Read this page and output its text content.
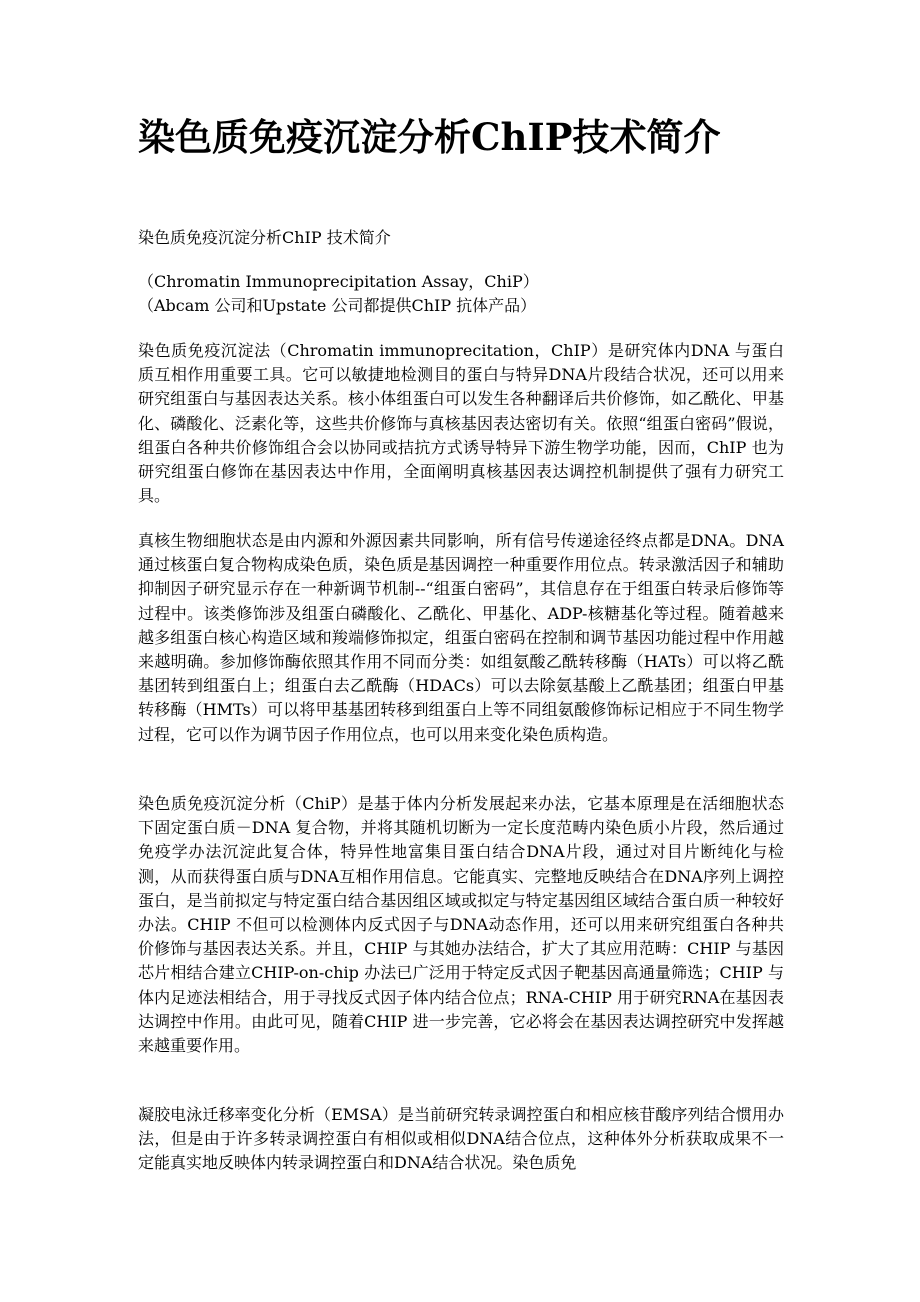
染色质免疫沉淀分析ChIP技术简介
染色质免疫沉淀分析ChIP 技术简介
（Chromatin Immunoprecipitation Assay，ChiP）
（Abcam 公司和Upstate 公司都提供ChIP 抗体产品）

染色质免疫沉淀法（Chromatin immunoprecitation，ChIP）是研究体内DNA 与蛋白质互相作用重要工具。它可以敏捷地检测目的蛋白与特异DNA片段结合状况，还可以用来研究组蛋白与基因表达关系。核小体组蛋白可以发生各种翻译后共价修饰，如乙酰化、甲基化、磷酸化、泛素化等，这些共价修饰与真核基因表达密切有关。依照“组蛋白密码”假说，组蛋白各种共价修饰组合会以协同或拮抗方式诱导特异下游生物学功能，因而，ChIP 也为研究组蛋白修饰在基因表达中作用，全面阐明真核基因表达调控机制提供了强有力研究工具。

真核生物细胞状态是由内源和外源因素共同影响，所有信号传递途径终点都是DNA。DNA 通过核蛋白复合物构成染色质，染色质是基因调控一种重要作用位点。转录激活因子和辅助抑制因子研究显示存在一种新调节机制--“组蛋白密码”，其信息存在于组蛋白转录后修饰等过程中。该类修饰涉及组蛋白磷酸化、乙酰化、甲基化、ADP-核糖基化等过程。随着越来越多组蛋白核心构造区域和羧端修饰拟定，组蛋白密码在控制和调节基因功能过程中作用越来越明确。参加修饰酶依照其作用不同而分类：如组氨酸乙酰转移酶（HATs）可以将乙酰基团转到组蛋白上；组蛋白去乙酰酶（HDACs）可以去除氨基酸上乙酰基团；组蛋白甲基转移酶（HMTs）可以将甲基基团转移到组蛋白上等不同组氨酸修饰标记相应于不同生物学过程，它可以作为调节因子作用位点，也可以用来变化染色质构造。

染色质免疫沉淀分析（ChiP）是基于体内分析发展起来办法，它基本原理是在活细胞状态下固定蛋白质－DNA 复合物，并将其随机切断为一定长度范畴内染色质小片段，然后通过免疫学办法沉淀此复合体，特异性地富集目蛋白结合DNA片段，通过对目片断纯化与检测，从而获得蛋白质与DNA互相作用信息。它能真实、完整地反映结合在DNA序列上调控蛋白，是当前拟定与特定蛋白结合基因组区域或拟定与特定基因组区域结合蛋白质一种较好办法。CHIP 不但可以检测体内反式因子与DNA动态作用，还可以用来研究组蛋白各种共价修饰与基因表达关系。并且，CHIP 与其她办法结合，扩大了其应用范畴：CHIP 与基因芯片相结合建立CHIP-on-chip 办法已广泛用于特定反式因子靶基因高通量筛选；CHIP 与体内足迹法相结合，用于寻找反式因子体内结合位点；RNA-CHIP 用于研究RNA在基因表达调控中作用。由此可见，随着CHIP 进一步完善，它必将会在基因表达调控研究中发挥越来越重要作用。

凝胶电泳迁移率变化分析（EMSA）是当前研究转录调控蛋白和相应核苷酸序列结合惯用办法，但是由于许多转录调控蛋白有相似或相似DNA结合位点，这种体外分析获取成果不一定能真实地反映体内转录调控蛋白和DNA结合状况。染色质免
